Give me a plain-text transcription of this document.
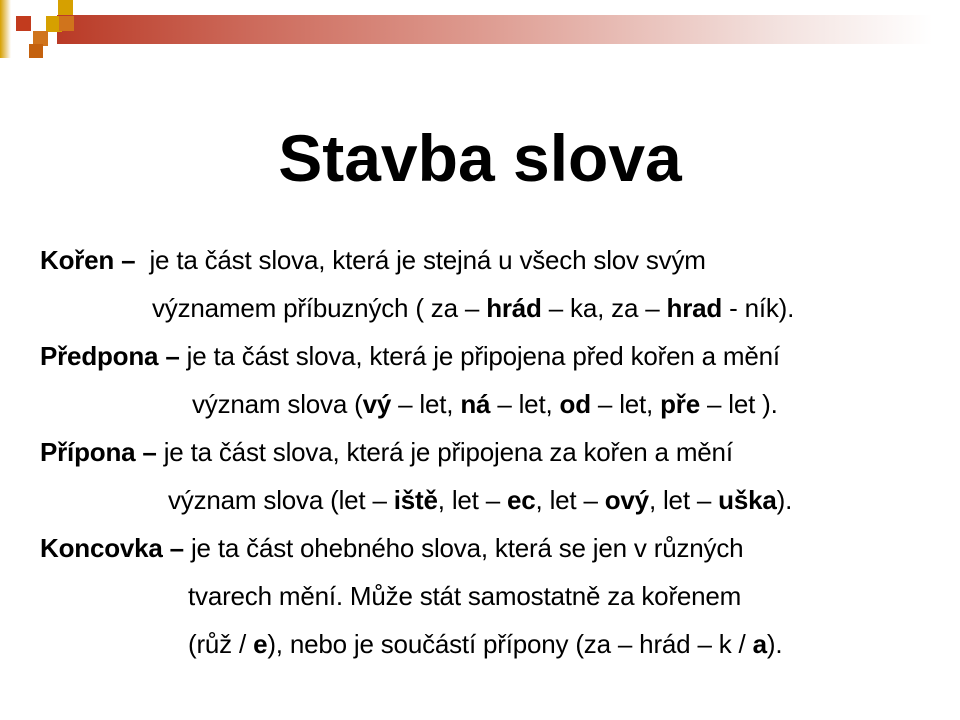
Stavba slova
Kořen –  je ta část slova, která je stejná u všech slov svým
významem příbuzných ( za – hrád – ka, za – hrad - ník).
Předpona – je ta část slova, která je připojena před kořen a mění
význam slova (vý – let, ná – let, od – let, pře – let ).
Přípona – je ta část slova, která je připojena za kořen a mění
význam slova (let – iště, let – ec, let – ový, let – uška).
Koncovka – je ta část ohebného slova, která se jen v různých
tvarech mění. Může stát samostatně za kořenem
(růž / e), nebo je součástí přípony (za – hrád – k / a).
